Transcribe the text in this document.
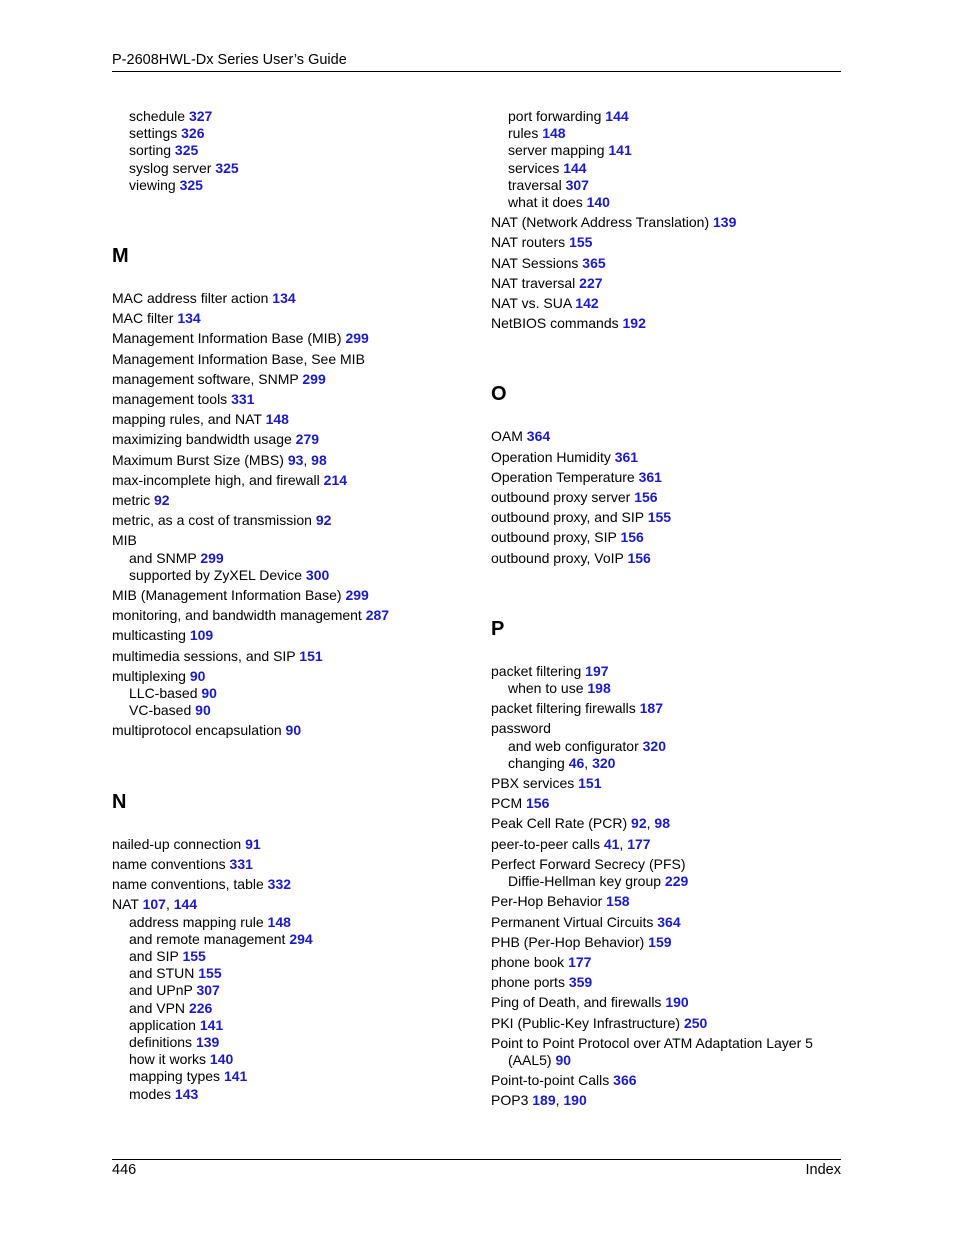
P-2608HWL-Dx Series User’s Guide
schedule 327
settings 326
sorting 325
syslog server 325
viewing 325
M
MAC address filter action 134
MAC filter 134
Management Information Base (MIB) 299
Management Information Base, See MIB
management software, SNMP 299
management tools 331
mapping rules, and NAT 148
maximizing bandwidth usage 279
Maximum Burst Size (MBS) 93, 98
max-incomplete high, and firewall 214
metric 92
metric, as a cost of transmission 92
MIB
and SNMP 299
supported by ZyXEL Device 300
MIB (Management Information Base) 299
monitoring, and bandwidth management 287
multicasting 109
multimedia sessions, and SIP 151
multiplexing 90
LLC-based 90
VC-based 90
multiprotocol encapsulation 90
N
nailed-up connection 91
name conventions 331
name conventions, table 332
NAT 107, 144
address mapping rule 148
and remote management 294
and SIP 155
and STUN 155
and UPnP 307
and VPN 226
application 141
definitions 139
how it works 140
mapping types 141
modes 143
port forwarding 144
rules 148
server mapping 141
services 144
traversal 307
what it does 140
NAT (Network Address Translation) 139
NAT routers 155
NAT Sessions 365
NAT traversal 227
NAT vs. SUA 142
NetBIOS commands 192
O
OAM 364
Operation Humidity 361
Operation Temperature 361
outbound proxy server 156
outbound proxy, and SIP 155
outbound proxy, SIP 156
outbound proxy, VoIP 156
P
packet filtering 197
when to use 198
packet filtering firewalls 187
password
and web configurator 320
changing 46, 320
PBX services 151
PCM 156
Peak Cell Rate (PCR) 92, 98
peer-to-peer calls 41, 177
Perfect Forward Secrecy (PFS)
Diffie-Hellman key group 229
Per-Hop Behavior 158
Permanent Virtual Circuits 364
PHB (Per-Hop Behavior) 159
phone book 177
phone ports 359
Ping of Death, and firewalls 190
PKI (Public-Key Infrastructure) 250
Point to Point Protocol over ATM Adaptation Layer 5
(AAL5) 90
Point-to-point Calls 366
POP3 189, 190
446	Index
